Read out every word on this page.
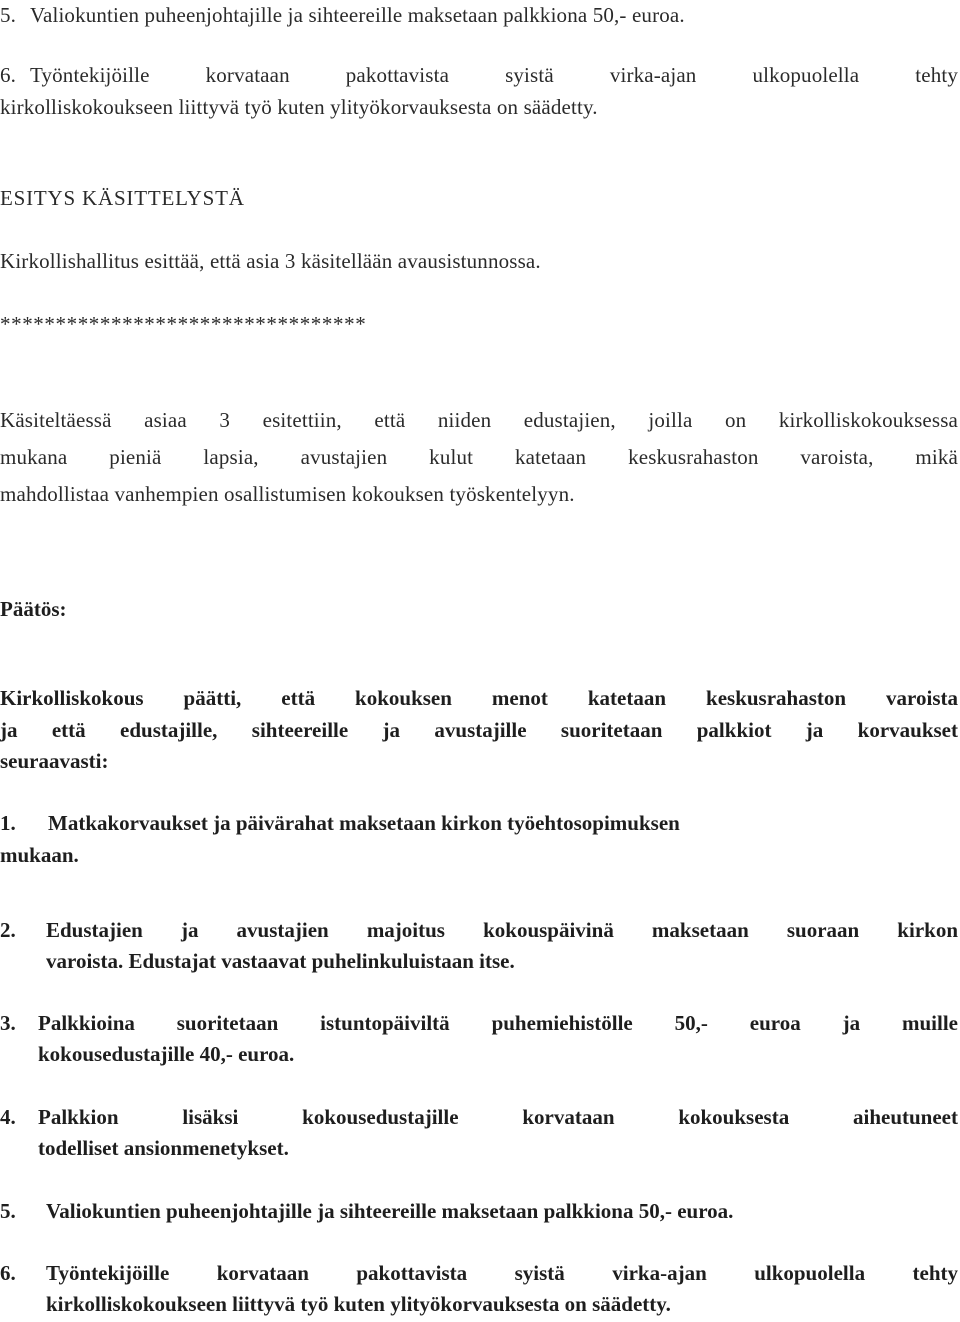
5. Valiokuntien puheenjohtajille ja sihteereille maksetaan palkkiona 50,- euroa.
6. Työntekijöille korvataan pakottavista syistä virka-ajan ulkopuolella tehty
kirkolliskokoukseen liittyvä työ kuten ylityökorvauksesta on säädetty.
ESITYS KÄSITTELYSTÄ
Kirkollishallitus esittää, että asia 3 käsitellään avausistunnossa.
*********************************
Käsiteltäessä asiaa 3 esitettiin, että niiden edustajien, joilla on kirkolliskokouksessa
mukana pieniä lapsia, avustajien kulut katetaan keskusrahaston varoista, mikä
mahdollistaa vanhempien osallistumisen kokouksen työskentelyyn.
Päätös:
Kirkolliskokous päätti, että kokouksen menot katetaan keskusrahaston varoista
ja että edustajille, sihteereille ja avustajille suoritetaan palkkiot ja korvaukset
seuraavasti:
1. Matkakorvaukset ja päivärahat maksetaan kirkon työehtosopimuksen
mukaan.
2. Edustajien ja avustajien majoitus kokouspäivinä maksetaan suoraan kirkon
varoista. Edustajat vastaavat puhelinkuluistaan itse.
3. Palkkioina suoritetaan istuntopäiviltä puhemiehistölle 50,- euroa ja muille
kokousedustajille 40,- euroa.
4. Palkkion lisäksi kokousedustajille korvataan kokouksesta aiheutuneet
todelliset ansionmenetykset.
5. Valiokuntien puheenjohtajille ja sihteereille maksetaan palkkiona 50,- euroa.
6. Työntekijöille korvataan pakottavista syistä virka-ajan ulkopuolella tehty
kirkolliskokoukseen liittyvä työ kuten ylityökorvauksesta on säädetty.
